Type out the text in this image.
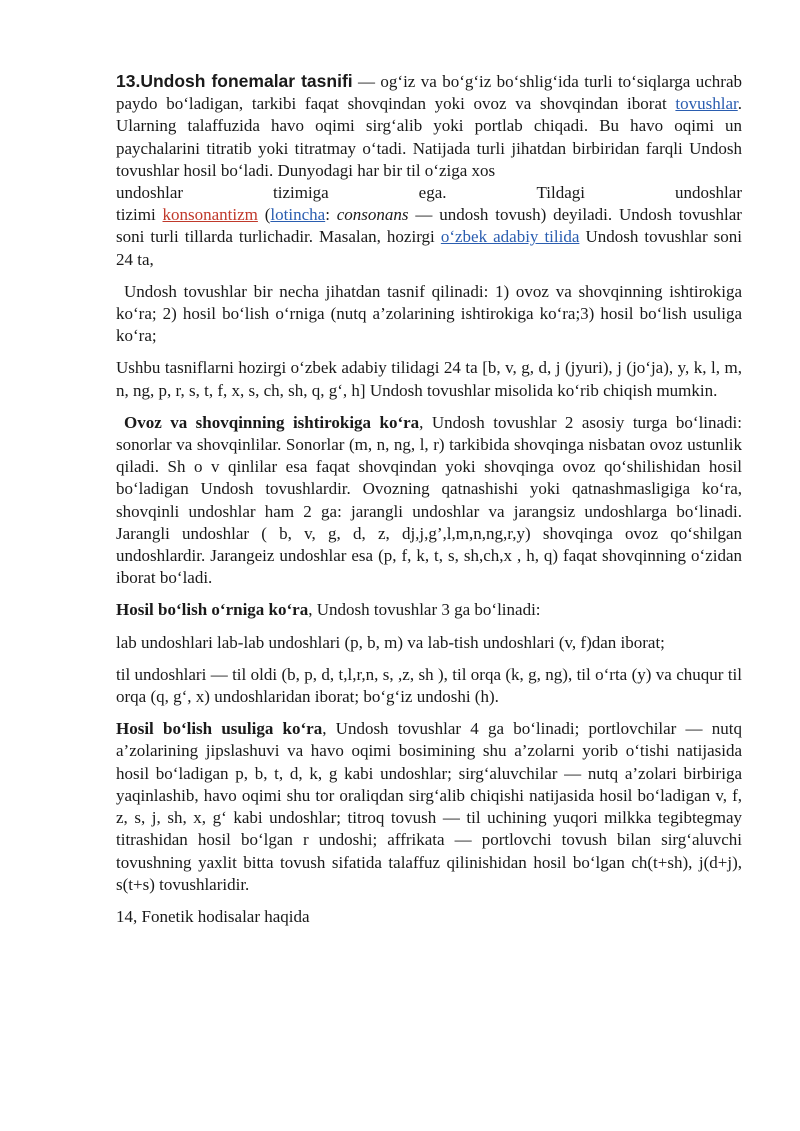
13.Undosh fonemalar tasnifi — og‘iz va bo‘g‘iz bo‘shlig‘ida turli to‘siqlarga uchrab paydo bo‘ladigan, tarkibi faqat shovqindan yoki ovoz va shovqindan iborat tovushlar. Ularning talaffuzida havo oqimi sirg‘alib yoki portlab chiqadi. Bu havo oqimi un paychalarini titratib yoki titratmay o‘tadi. Natijada turli jihatdan birbiridan farqli Undosh tovushlar hosil bo‘ladi. Dunyodagi har bir til o‘ziga xos
undoshlar	tizimiga	ega.	Tildagi	undoshlar
tizimi konsonantizm (lotincha: consonans — undosh tovush) deyiladi. Undosh tovushlar soni turli tillarda turlichadir. Masalan, hozirgi o‘zbek adabiy tilida Undosh tovushlar soni 24 ta,

Undosh tovushlar bir necha jihatdan tasnif qilinadi: 1) ovoz va shovqinning ishtirokiga ko‘ra; 2) hosil bo‘lish o‘rniga (nutq a’zolarining ishtirokiga ko‘ra;3) hosil bo‘lish usuliga ko‘ra;

Ushbu tasniflarni hozirgi o‘zbek adabiy tilidagi 24 ta [b, v, g, d, j (jyuri), j (jo‘ja), y, k, l, m, n, ng, p, r, s, t, f, x, s, ch, sh, q, g‘, h] Undosh tovushlar misolida ko‘rib chiqish mumkin.

Ovoz va shovqinning ishtirokiga ko‘ra, Undosh tovushlar 2 asosiy turga bo‘linadi: sonorlar va shovqinlilar. Sonorlar (m, n, ng, l, r) tarkibida shovqinga nisbatan ovoz ustunlik qiladi. Sh o v qinlilar esa faqat shovqindan yoki shovqinga ovoz qo‘shilishidan hosil bo‘ladigan Undosh tovushlardir. Ovozning qatnashishi yoki qatnashmasligiga ko‘ra, shovqinli undoshlar ham 2 ga: jarangli undoshlar va jarangsiz undoshlarga bo‘linadi. Jarangli undoshlar ( b, v, g, d, z, dj,j,g’,l,m,n,ng,r,y) shovqinga ovoz qo‘shilgan undoshlardir. Jarangeiz undoshlar esa (p, f, k, t, s, sh,ch,x , h, q) faqat shovqinning o‘zidan iborat bo‘ladi.

Hosil bo‘lish o‘rniga ko‘ra, Undosh tovushlar 3 ga bo‘linadi:

lab undoshlari lab-lab undoshlari (p, b, m) va lab-tish undoshlari (v, f)dan iborat;

til undoshlari — til oldi (b, p, d, t,l,r,n, s, ,z, sh ), til orqa (k, g, ng), til o‘rta (y) va chuqur til orqa (q, g‘, x) undoshlaridan iborat; bo‘g‘iz undoshi (h).

Hosil bo‘lish usuliga ko‘ra, Undosh tovushlar 4 ga bo‘linadi; portlovchilar — nutq a’zolarining jipslashuvi va havo oqimi bosimining shu a’zolarni yorib o‘tishi natijasida hosil bo‘ladigan p, b, t, d, k, g kabi undoshlar; sirg‘aluvchilar — nutq a’zolari birbiriga yaqinlashib, havo oqimi shu tor oraliqdan sirg‘alib chiqishi natijasida hosil bo‘ladigan v, f, z, s, j, sh, x, g‘ kabi undoshlar; titroq tovush — til uchining yuqori milkka tegibtegmay titrashidan hosil bo‘lgan r undoshi; affrikata — portlovchi tovush bilan sirg‘aluvchi tovushning yaxlit bitta tovush sifatida talaffuz qilinishidan hosil bo‘lgan ch(t+sh), j(d+j), s(t+s) tovushlaridir.

14, Fonetik hodisalar haqida
